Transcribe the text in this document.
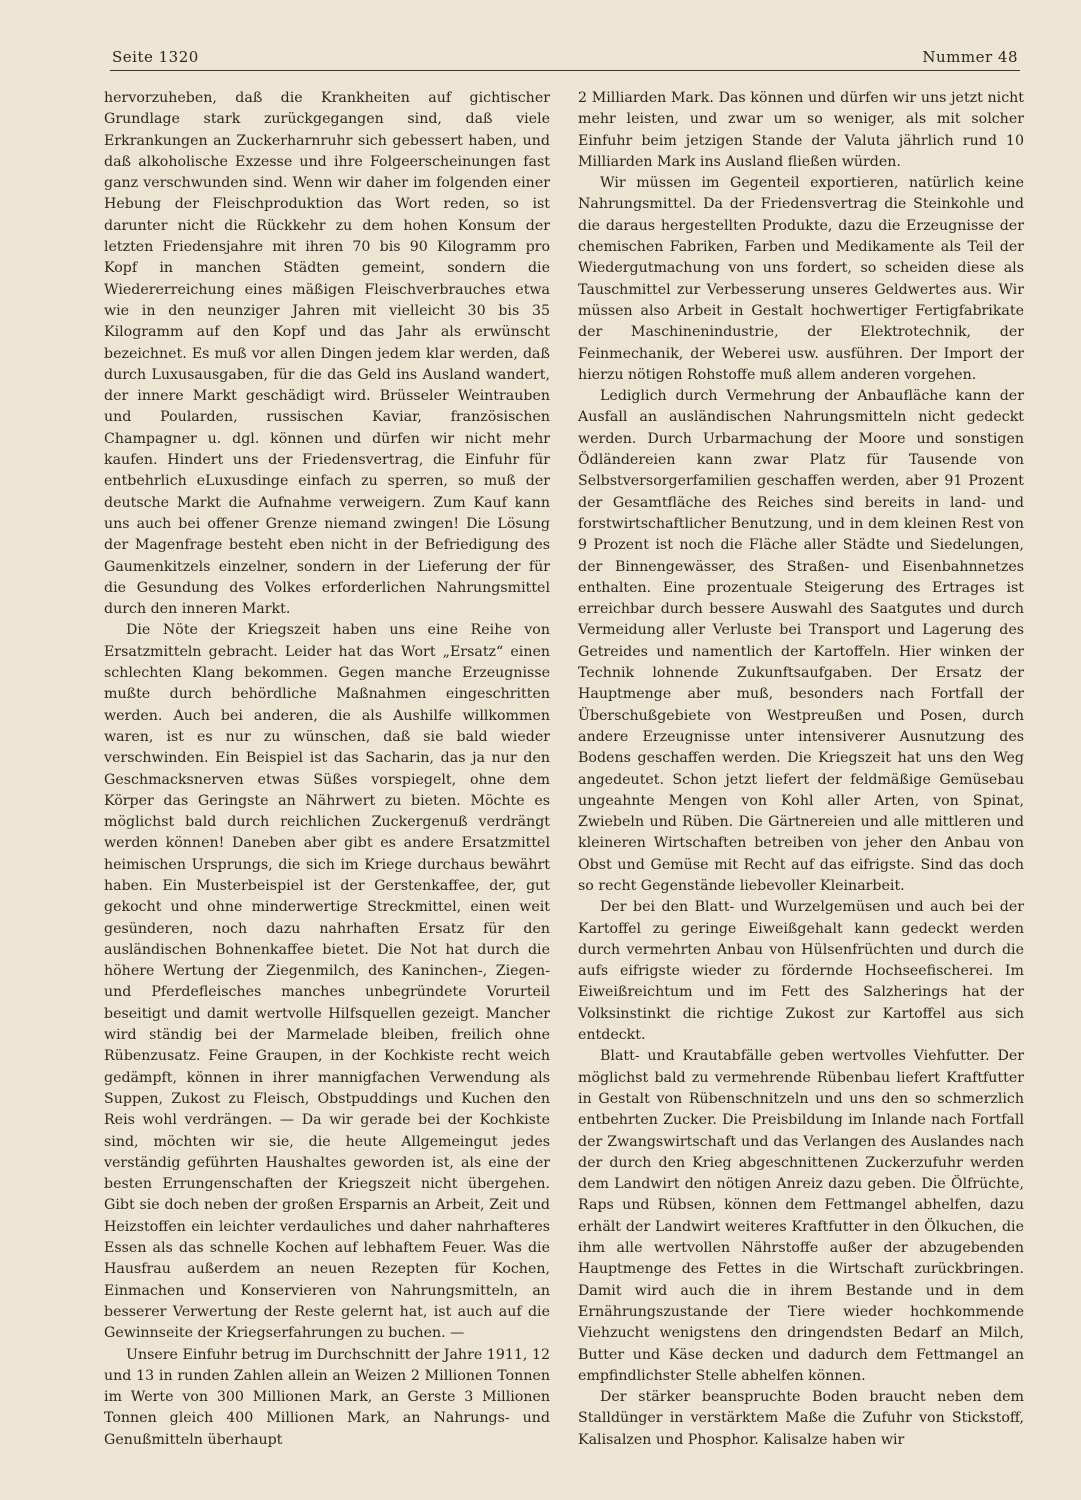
Seite 1320	Nummer 48

hervorzuheben, daß die Krankheiten auf gichtischer Grundlage stark zurückgegangen sind, daß viele Erkrankungen an Zuckerharnruhr sich gebessert haben, und daß alkoholische Exzesse und ihre Folgeerscheinungen fast ganz verschwunden sind. Wenn wir daher im folgenden einer Hebung der Fleischproduktion das Wort reden, so ist darunter nicht die Rückkehr zu dem hohen Konsum der letzten Friedensjahre mit ihren 70 bis 90 Kilogramm pro Kopf in manchen Städten gemeint, sondern die Wiedererreichung eines mäßigen Fleischverbrauches etwa wie in den neunziger Jahren mit vielleicht 30 bis 35 Kilogramm auf den Kopf und das Jahr als erwünscht bezeichnet. Es muß vor allen Dingen jedem klar werden, daß durch Luxusausgaben, für die das Geld ins Ausland wandert, der innere Markt geschädigt wird. Brüsseler Weintrauben und Poularden, russischen Kaviar, französischen Champagner u. dgl. können und dürfen wir nicht mehr kaufen. Hindert uns der Friedensvertrag, die Einfuhr für entbehrlich eLuxusdinge einfach zu sperren, so muß der deutsche Markt die Aufnahme verweigern. Zum Kauf kann uns auch bei offener Grenze niemand zwingen! Die Lösung der Magenfrage besteht eben nicht in der Befriedigung des Gaumenkitzels einzelner, sondern in der Lieferung der für die Gesundung des Volkes erforderlichen Nahrungsmittel durch den inneren Markt.

Die Nöte der Kriegszeit haben uns eine Reihe von Ersatzmitteln gebracht. Leider hat das Wort „Ersatz“ einen schlechten Klang bekommen. Gegen manche Erzeugnisse mußte durch behördliche Maßnahmen eingeschritten werden. Auch bei anderen, die als Aushilfe willkommen waren, ist es nur zu wünschen, daß sie bald wieder verschwinden. Ein Beispiel ist das Sacharin, das ja nur den Geschmacksnerven etwas Süßes vorspiegelt, ohne dem Körper das Geringste an Nährwert zu bieten. Möchte es möglichst bald durch reichlichen Zuckergenuß verdrängt werden können! Daneben aber gibt es andere Ersatzmittel heimischen Ursprungs, die sich im Kriege durchaus bewährt haben. Ein Musterbeispiel ist der Gerstenkaffee, der, gut gekocht und ohne minderwertige Streckmittel, einen weit gesünderen, noch dazu nahrhaften Ersatz für den ausländischen Bohnenkaffee bietet. Die Not hat durch die höhere Wertung der Ziegenmilch, des Kaninchen-, Ziegen- und Pferdefleisches manches unbegründete Vorurteil beseitigt und damit wertvolle Hilfsquellen gezeigt. Mancher wird ständig bei der Marmelade bleiben, freilich ohne Rübenzusatz. Feine Graupen, in der Kochkiste recht weich gedämpft, können in ihrer mannigfachen Verwendung als Suppen, Zukost zu Fleisch, Obstpuddings und Kuchen den Reis wohl verdrängen. — Da wir gerade bei der Kochkiste sind, möchten wir sie, die heute Allgemeingut jedes verständig geführten Haushaltes geworden ist, als eine der besten Errungenschaften der Kriegszeit nicht übergehen. Gibt sie doch neben der großen Ersparnis an Arbeit, Zeit und Heizstoffen ein leichter verdauliches und daher nahrhafteres Essen als das schnelle Kochen auf lebhaftem Feuer. Was die Hausfrau außerdem an neuen Rezepten für Kochen, Einmachen und Konservieren von Nahrungsmitteln, an besserer Verwertung der Reste gelernt hat, ist auch auf die Gewinnseite der Kriegserfahrungen zu buchen. —

Unsere Einfuhr betrug im Durchschnitt der Jahre 1911, 12 und 13 in runden Zahlen allein an Weizen 2 Millionen Tonnen im Werte von 300 Millionen Mark, an Gerste 3 Millionen Tonnen gleich 400 Millionen Mark, an Nahrungs- und Genußmitteln überhaupt

2 Milliarden Mark. Das können und dürfen wir uns jetzt nicht mehr leisten, und zwar um so weniger, als mit solcher Einfuhr beim jetzigen Stande der Valuta jährlich rund 10 Milliarden Mark ins Ausland fließen würden.

Wir müssen im Gegenteil exportieren, natürlich keine Nahrungsmittel. Da der Friedensvertrag die Steinkohle und die daraus hergestellten Produkte, dazu die Erzeugnisse der chemischen Fabriken, Farben und Medikamente als Teil der Wiedergutmachung von uns fordert, so scheiden diese als Tauschmittel zur Verbesserung unseres Geldwertes aus. Wir müssen also Arbeit in Gestalt hochwertiger Fertigfabrikate der Maschinenindustrie, der Elektrotechnik, der Feinmechanik, der Weberei usw. ausführen. Der Import der hierzu nötigen Rohstoffe muß allem anderen vorgehen.

Lediglich durch Vermehrung der Anbaufläche kann der Ausfall an ausländischen Nahrungsmitteln nicht gedeckt werden. Durch Urbarmachung der Moore und sonstigen Ödländereien kann zwar Platz für Tausende von Selbstversorgerfamilien geschaffen werden, aber 91 Prozent der Gesamtfläche des Reiches sind bereits in land- und forstwirtschaftlicher Benutzung, und in dem kleinen Rest von 9 Prozent ist noch die Fläche aller Städte und Siedelungen, der Binnengewässer, des Straßen- und Eisenbahnnetzes enthalten. Eine prozentuale Steigerung des Ertrages ist erreichbar durch bessere Auswahl des Saatgutes und durch Vermeidung aller Verluste bei Transport und Lagerung des Getreides und namentlich der Kartoffeln. Hier winken der Technik lohnende Zukunftsaufgaben. Der Ersatz der Hauptmenge aber muß, besonders nach Fortfall der Überschußgebiete von Westpreußen und Posen, durch andere Erzeugnisse unter intensiverer Ausnutzung des Bodens geschaffen werden. Die Kriegszeit hat uns den Weg angedeutet. Schon jetzt liefert der feldmäßige Gemüsebau ungeahnte Mengen von Kohl aller Arten, von Spinat, Zwiebeln und Rüben. Die Gärtnereien und alle mittleren und kleineren Wirtschaften betreiben von jeher den Anbau von Obst und Gemüse mit Recht auf das eifrigste. Sind das doch so recht Gegenstände liebevoller Kleinarbeit.

Der bei den Blatt- und Wurzelgemüsen und auch bei der Kartoffel zu geringe Eiweißgehalt kann gedeckt werden durch vermehrten Anbau von Hülsenfrüchten und durch die aufs eifrigste wieder zu fördernde Hochseefischerei. Im Eiweißreichtum und im Fett des Salzherings hat der Volksinstinkt die richtige Zukost zur Kartoffel aus sich entdeckt.

Blatt- und Krautabfälle geben wertvolles Viehfutter. Der möglichst bald zu vermehrende Rübenbau liefert Kraftfutter in Gestalt von Rübenschnitzeln und uns den so schmerzlich entbehrten Zucker. Die Preisbildung im Inlande nach Fortfall der Zwangswirtschaft und das Verlangen des Auslandes nach der durch den Krieg abgeschnittenen Zuckerzufuhr werden dem Landwirt den nötigen Anreiz dazu geben. Die Ölfrüchte, Raps und Rübsen, können dem Fettmangel abhelfen, dazu erhält der Landwirt weiteres Kraftfutter in den Ölkuchen, die ihm alle wertvollen Nährstoffe außer der abzugebenden Hauptmenge des Fettes in die Wirtschaft zurückbringen. Damit wird auch die in ihrem Bestande und in dem Ernährungszustande der Tiere wieder hochkommende Viehzucht wenigstens den dringendsten Bedarf an Milch, Butter und Käse decken und dadurch dem Fettmangel an empfindlichster Stelle abhelfen können.

Der stärker beanspruchte Boden braucht neben dem Stalldünger in verstärktem Maße die Zufuhr von Stickstoff, Kalisalzen und Phosphor. Kalisalze haben wir
